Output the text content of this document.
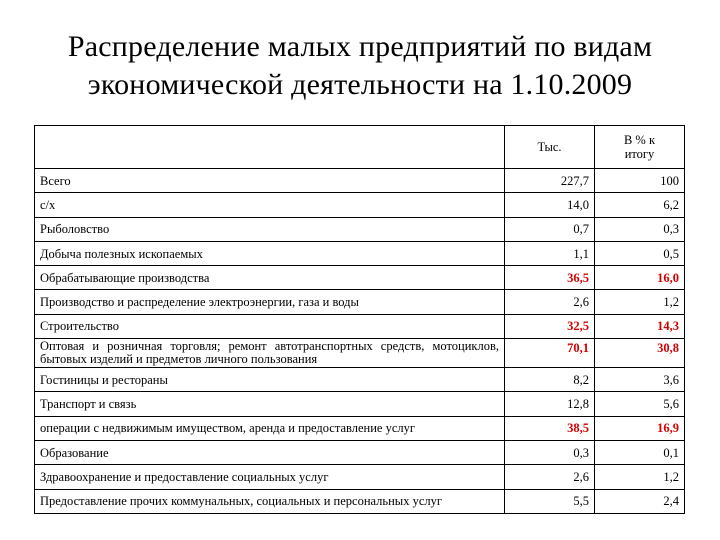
Распределение малых предприятий по видам
экономической деятельности на 1.10.2009
	Тыс.	В % к
итогу
Всего	227,7	100
с/х	14,0	6,2
Рыболовство	0,7	0,3
Добыча полезных ископаемых	1,1	0,5
Обрабатывающие производства	36,5	16,0
Производство и распределение электроэнергии, газа и воды	2,6	1,2
Строительство	32,5	14,3
Оптовая и розничная торговля; ремонт автотранспортных средств, мотоциклов, бытовых изделий и предметов личного пользования	70,1	30,8
Гостиницы и рестораны	8,2	3,6
Транспорт и связь	12,8	5,6
операции с недвижимым имуществом, аренда и предоставление услуг	38,5	16,9
Образование	0,3	0,1
Здравоохранение и предоставление социальных услуг	2,6	1,2
Предоставление прочих коммунальных, социальных и персональных услуг	5,5	2,4
